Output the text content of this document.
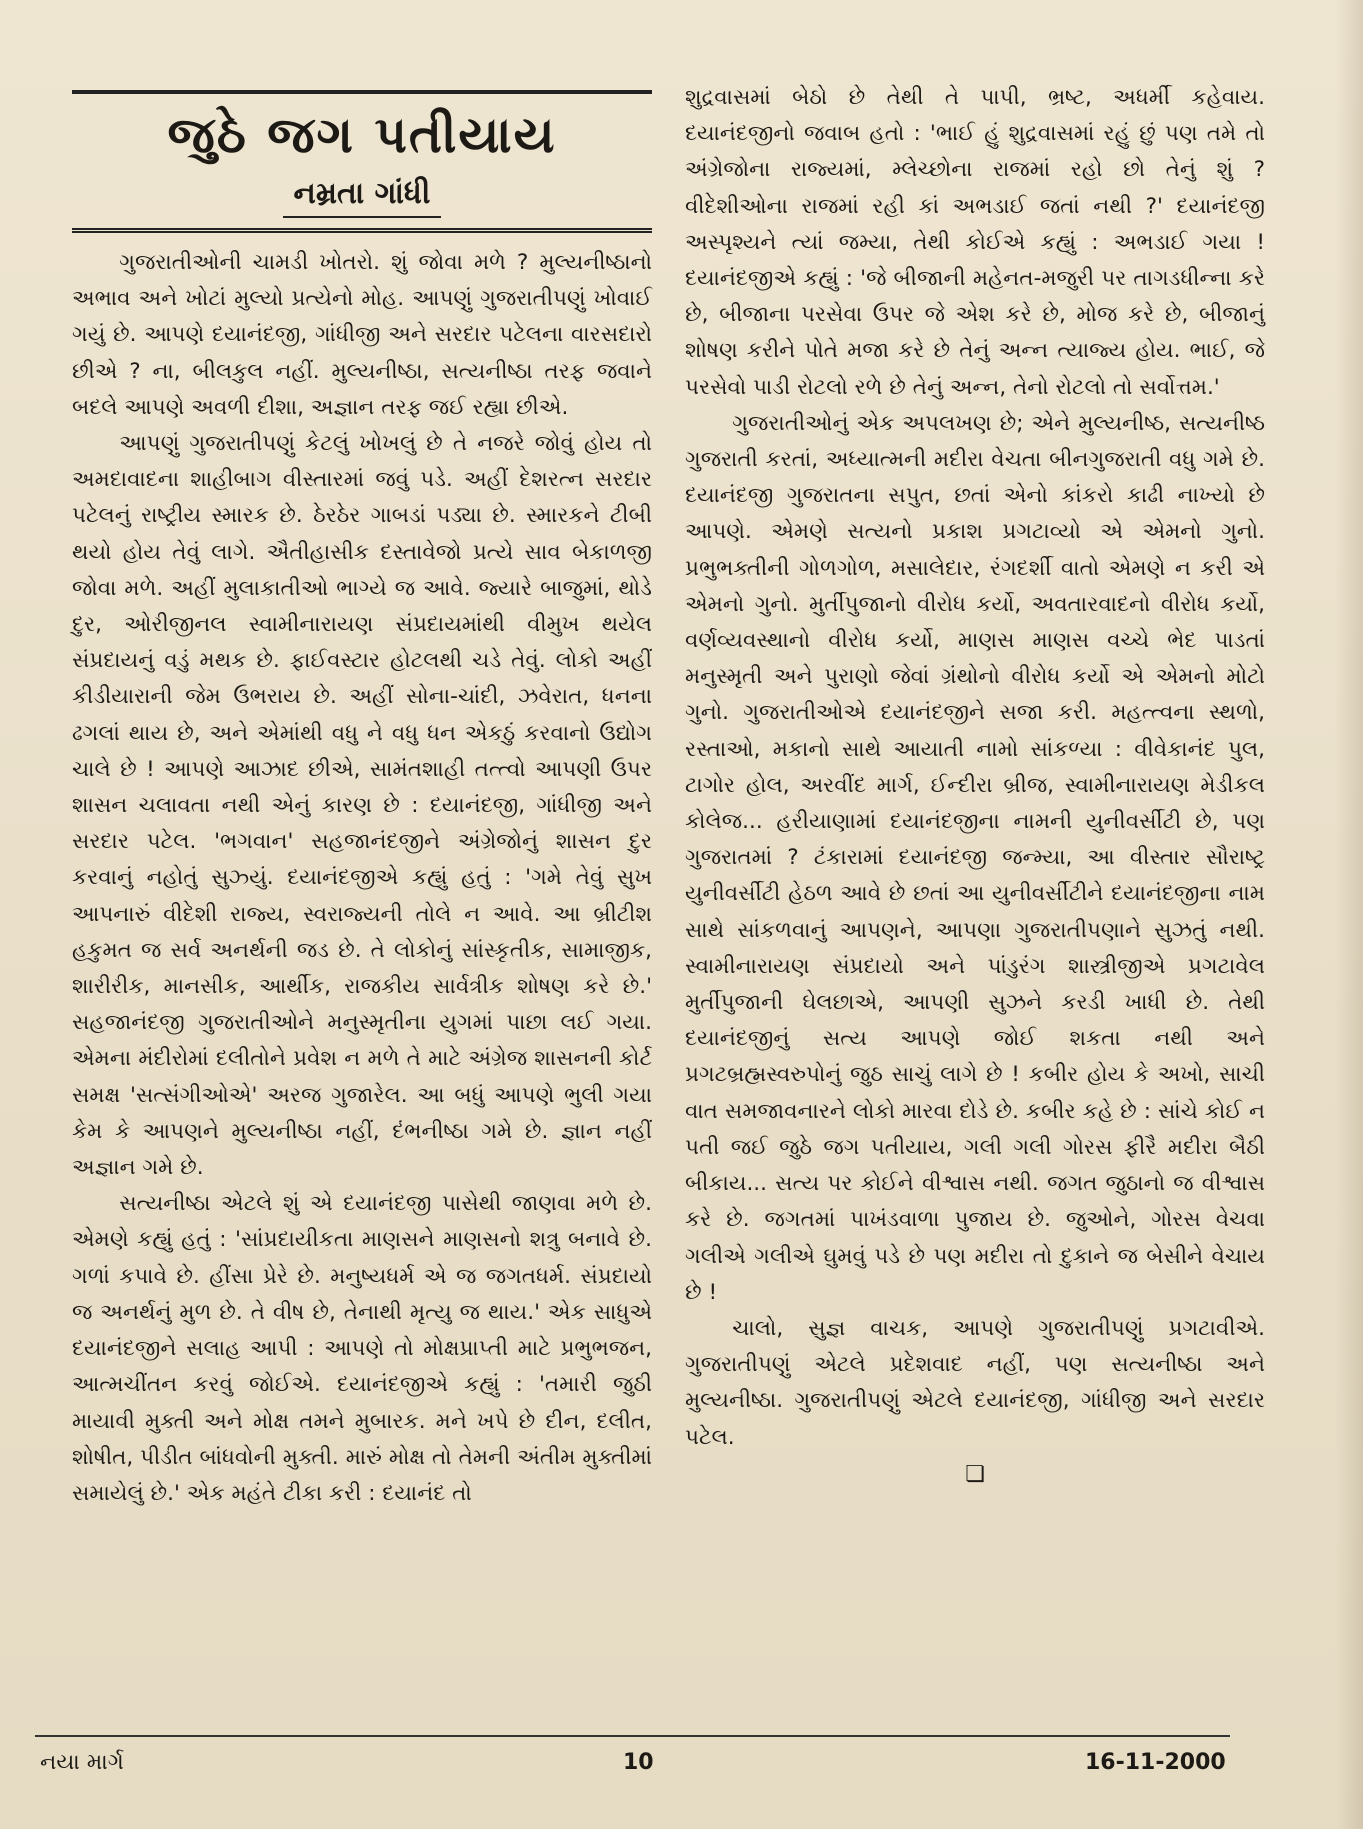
જુઠે જગ પતીયાય
નમ્રતા ગાંધી

ગુજરાતીઓની ચામડી ખોતરો. શું જોવા મળે ? મુલ્યનીષ્ઠાનો અભાવ અને ખોટાં મુલ્યો પ્રત્યેનો મોહ. આપણું ગુજરાતીપણું ખોવાઈ ગયું છે. આપણે દયાનંદજી, ગાંધીજી અને સરદાર પટેલના વારસદારો છીએ ? ના, બીલકુલ નહીં. મુલ્યનીષ્ઠા, સત્યનીષ્ઠા તરફ જવાને બદલે આપણે અવળી દીશા, અજ્ઞાન તરફ જઈ રહ્યા છીએ.

આપણું ગુજરાતીપણું કેટલું ખોખલું છે તે નજરે જોવું હોય તો અમદાવાદના શાહીબાગ વીસ્તારમાં જવું પડે. અહીં દેશરત્ન સરદાર પટેલનું રાષ્ટ્રીય સ્મારક છે. ઠેરઠેર ગાબડાં પડ્યા છે. સ્મારકને ટીબી થયો હોય તેવું લાગે. ઐતીહાસીક દસ્તાવેજો પ્રત્યે સાવ બેકાળજી જોવા મળે. અહીં મુલાકાતીઓ ભાગ્યે જ આવે. જ્યારે બાજુમાં, થોડે દુર, ઓરીજીનલ સ્વામીનારાયણ સંપ્રદાયમાંથી વીમુખ થયેલ સંપ્રદાયનું વડું મથક છે. ફાઈવસ્ટાર હોટલથી ચડે તેવું. લોકો અહીં કીડીયારાની જેમ ઉભરાય છે. અહીં સોના-ચાંદી, ઝવેરાત, ધનના ઢગલાં થાય છે, અને એમાંથી વધુ ને વધુ ધન એકઠું કરવાનો ઉદ્યોગ ચાલે છે ! આપણે આઝાદ છીએ, સામંતશાહી તત્ત્વો આપણી ઉપર શાસન ચલાવતા નથી એનું કારણ છે : દયાનંદજી, ગાંધીજી અને સરદાર પટેલ. 'ભગવાન' સહજાનંદજીને અંગ્રેજોનું શાસન દુર કરવાનું નહોતું સુઝ્યું. દયાનંદજીએ કહ્યું હતું : 'ગમે તેવું સુખ આપનારું વીદેશી રાજ્ય, સ્વરાજ્યની તોલે ન આવે. આ બ્રીટીશ હકુમત જ સર્વ અનર્થની જડ છે. તે લોકોનું સાંસ્કૃતીક, સામાજીક, શારીરીક, માનસીક, આર્થીક, રાજકીય સાર્વત્રીક શોષણ કરે છે.' સહજાનંદજી ગુજરાતીઓને મનુસ્મૃતીના યુગમાં પાછા લઈ ગયા. એમના મંદીરોમાં દલીતોને પ્રવેશ ન મળે તે માટે અંગ્રેજ શાસનની કોર્ટ સમક્ષ 'સત્સંગીઓએ' અરજ ગુજારેલ. આ બધું આપણે ભુલી ગયા કેમ કે આપણને મુલ્યનીષ્ઠા નહીં, દંભનીષ્ઠા ગમે છે. જ્ઞાન નહીં અજ્ઞાન ગમે છે.

સત્યનીષ્ઠા એટલે શું એ દયાનંદજી પાસેથી જાણવા મળે છે. એમણે કહ્યું હતું : 'સાંપ્રદાયીકતા માણસને માણસનો શત્રુ બનાવે છે. ગળાં કપાવે છે. હીંસા પ્રેરે છે. મનુષ્યધર્મ એ જ જગતધર્મ. સંપ્રદાયો જ અનર્થનું મુળ છે. તે વીષ છે, તેનાથી મૃત્યુ જ થાય.' એક સાધુએ દયાનંદજીને સલાહ આપી : આપણે તો મોક્ષપ્રાપ્તી માટે પ્રભુભજન, આત્મચીંતન કરવું જોઈએ. દયાનંદજીએ કહ્યું : 'તમારી જુઠી માયાવી મુક્તી અને મોક્ષ તમને મુબારક. મને ખપે છે દીન, દલીત, શોષીત, પીડીત બાંધવોની મુક્તી. મારું મોક્ષ તો તેમની અંતીમ મુક્તીમાં સમાયેલું છે.' એક મહંતે ટીકા કરી : દયાનંદ તો

શુદ્રવાસમાં બેઠો છે તેથી તે પાપી, ભ્રષ્ટ, અધર્મી કહેવાય. દયાનંદજીનો જવાબ હતો : 'ભાઈ હું શુદ્રવાસમાં રહું છું પણ તમે તો અંગ્રેજોના રાજ્યમાં, મ્લેચ્છોના રાજમાં રહો છો તેનું શું ? વીદેશીઓના રાજમાં રહી કાં અભડાઈ જતાં નથી ?' દયાનંદજી અસ્પૃશ્યને ત્યાં જમ્યા, તેથી કોઈએ કહ્યું : અભડાઈ ગયા ! દયાનંદજીએ કહ્યું : 'જે બીજાની મહેનત-મજુરી પર તાગડધીન્ના કરે છે, બીજાના પરસેવા ઉપર જે એશ કરે છે, મોજ કરે છે, બીજાનું શોષણ કરીને પોતે મજા કરે છે તેનું અન્ન ત્યાજ્ય હોય. ભાઈ, જે પરસેવો પાડી રોટલો રળે છે તેનું અન્ન, તેનો રોટલો તો સર્વોત્તમ.'

ગુજરાતીઓનું એક અપલખણ છે; એને મુલ્યનીષ્ઠ, સત્યનીષ્ઠ ગુજરાતી કરતાં, અધ્યાત્મની મદીરા વેચતા બીનગુજરાતી વધુ ગમે છે. દયાનંદજી ગુજરાતના સપુત, છતાં એનો કાંકરો કાઢી નાખ્યો છે આપણે. એમણે સત્યનો પ્રકાશ પ્રગટાવ્યો એ એમનો ગુનો. પ્રભુભક્તીની ગોળગોળ, મસાલેદાર, રંગદર્શી વાતો એમણે ન કરી એ એમનો ગુનો. મુર્તીપુજાનો વીરોધ કર્યો, અવતારવાદનો વીરોધ કર્યો, વર્ણવ્યવસ્થાનો વીરોધ કર્યો, માણસ માણસ વચ્ચે ભેદ પાડતાં મનુસ્મૃતી અને પુરાણો જેવાં ગ્રંથોનો વીરોધ કર્યો એ એમનો મોટો ગુનો. ગુજરાતીઓએ દયાનંદજીને સજા કરી. મહત્ત્વના સ્થળો, રસ્તાઓ, મકાનો સાથે આયાતી નામો સાંકળ્યા : વીવેકાનંદ પુલ, ટાગોર હોલ, અરવીંદ માર્ગ, ઈન્દીરા બ્રીજ, સ્વામીનારાયણ મેડીકલ કોલેજ... હરીયાણામાં દયાનંદજીના નામની યુનીવર્સીટી છે, પણ ગુજરાતમાં ? ટંકારામાં દયાનંદજી જન્મ્યા, આ વીસ્તાર સૌરાષ્ટ્ર યુનીવર્સીટી હેઠળ આવે છે છતાં આ યુનીવર્સીટીને દયાનંદજીના નામ સાથે સાંકળવાનું આપણને, આપણા ગુજરાતીપણાને સુઝતું નથી. સ્વામીનારાયણ સંપ્રદાયો અને પાંડુરંગ શાસ્ત્રીજીએ પ્રગટાવેલ મુર્તીપુજાની ઘેલછાએ, આપણી સુઝને કરડી ખાધી છે. તેથી દયાનંદજીનું સત્ય આપણે જોઈ શકતા નથી અને પ્રગટબ્રહ્મસ્વરુપોનું જુઠ સાચું લાગે છે ! કબીર હોય કે અખો, સાચી વાત સમજાવનારને લોકો મારવા દોડે છે. કબીર કહે છે : સાંચે કોઈ ન પતી જઈ જુઠે જગ પતીયાય, ગલી ગલી ગોરસ ફીરૈ મદીરા બૈઠી બીકાય... સત્ય પર કોઈને વીશ્વાસ નથી. જગત જુઠાનો જ વીશ્વાસ કરે છે. જગતમાં પાખંડવાળા પુજાય છે. જુઓને, ગોરસ વેચવા ગલીએ ગલીએ ઘુમવું પડે છે પણ મદીરા તો દુકાને જ બેસીને વેચાય છે !

ચાલો, સુજ્ઞ વાચક, આપણે ગુજરાતીપણું પ્રગટાવીએ. ગુજરાતીપણું એટલે પ્રદેશવાદ નહીં, પણ સત્યનીષ્ઠા અને મુલ્યનીષ્ઠા. ગુજરાતીપણું એટલે દયાનંદજી, ગાંધીજી અને સરદાર પટેલ.

❏
નયા માર્ગ	10	16-11-2000
